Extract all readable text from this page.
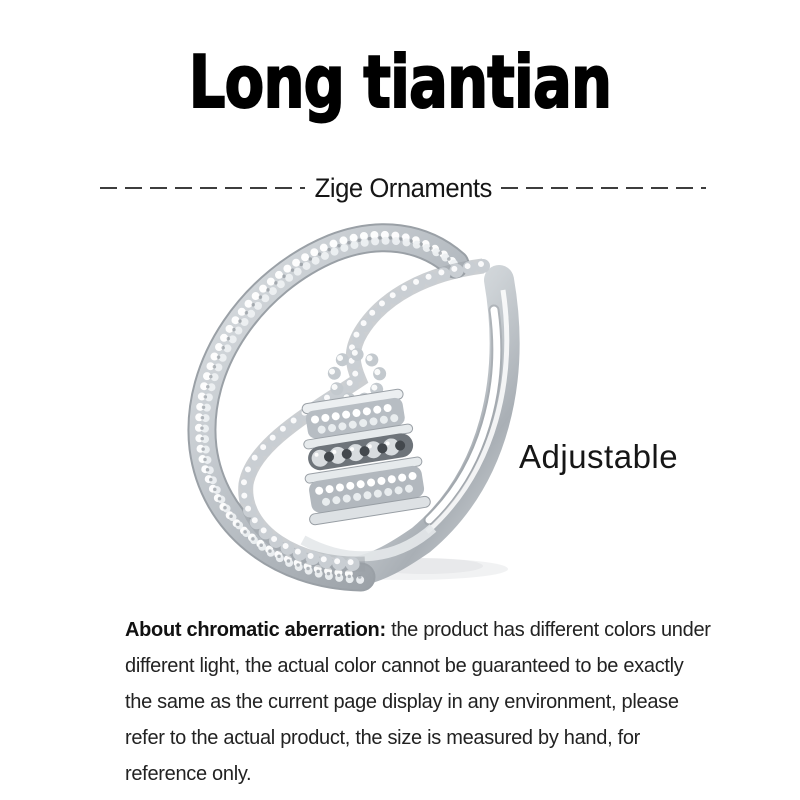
Long tiantian
Zige Ornaments
Adjustable
About chromatic aberration: the product has different colors under
different light, the actual color cannot be guaranteed to be exactly
the same as the current page display in any environment, please
refer to the actual product, the size is measured by hand, for
reference only.
